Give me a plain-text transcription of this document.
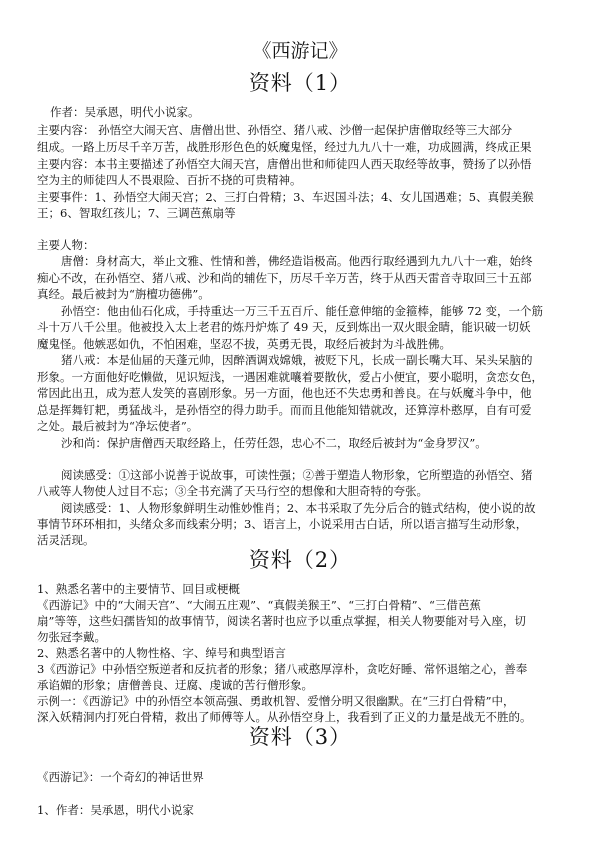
《西游记》
资料（1）
作者：吴承恩，明代小说家。
主要内容： 孙悟空大闹天宫、唐僧出世、孙悟空、猪八戒、沙僧一起保护唐僧取经等三大部分
组成。一路上历尽千辛万苦，战胜形形色色的妖魔鬼怪，经过九九八十一难，功成圆满，终成正果
主要内容：本书主要描述了孙悟空大闹天宫，唐僧出世和师徒四人西天取经等故事，赞扬了以孙悟
空为主的师徒四人不畏艰险、百折不挠的可贵精神。
主要事件：1、孙悟空大闹天宫；2、三打白骨精；3、车迟国斗法；4、女儿国遇难；5、真假美猴
王；6、智取红孩儿；7、三调芭蕉扇等
主要人物：
唐僧：身材高大，举止文雅、性情和善，佛经造诣极高。他西行取经遇到九九八十一难，始终
痴心不改，在孙悟空、猪八戒、沙和尚的辅佐下，历尽千辛万苦，终于从西天雷音寺取回三十五部
真经。最后被封为“旃檀功德佛”。
孙悟空：他由仙石化成，手持重达一万三千五百斤、能任意伸缩的金箍棒，能够 72 变，一个筋
斗十万八千公里。他被投入太上老君的炼丹炉炼了 49 天，反到炼出一双火眼金睛，能识破一切妖
魔鬼怪。他嫉恶如仇，不怕困难，坚忍不拔，英勇无畏，取经后被封为斗战胜佛。
猪八戒：本是仙届的天蓬元帅，因醉酒调戏嫦娥，被贬下凡，长成一副长嘴大耳、呆头呆脑的
形象。一方面他好吃懒做，见识短浅，一遇困难就嚷着要散伙，爱占小便宜，要小聪明，贪恋女色，
常因此出丑，成为惹人发笑的喜剧形象。另一方面，他也还不失忠勇和善良。在与妖魔斗争中，他
总是挥舞钉耙，勇猛战斗，是孙悟空的得力助手。而而且他能知错就改，还算淳朴憨厚，自有可爱
之处。最后被封为“净坛使者”。
沙和尚：保护唐僧西天取经路上，任劳任怨，忠心不二，取经后被封为“金身罗汉”。
阅读感受：①这部小说善于说故事，可读性强；②善于塑造人物形象，它所塑造的孙悟空、猪
八戒等人物使人过目不忘；③全书充满了天马行空的想像和大胆奇特的夸张。
阅读感受：1、人物形象鲜明生动惟妙惟肖；2、本书采取了先分后合的链式结构，使小说的故
事情节环环相扣，头绪众多而线索分明；3、语言上，小说采用古白话，所以语言描写生动形象，
活灵活现。
资料（2）
1、熟悉名著中的主要情节、回目或梗概
《西游记》中的“大闹天宫”、“大闹五庄观”、“真假美猴王”、“三打白骨精”、“三借芭蕉
扇”等等，这些妇孺皆知的故事情节，阅读名著时也应予以重点掌握，相关人物要能对号入座，切
勿张冠李戴。
2、熟悉名著中的人物性格、字、绰号和典型语言
3《西游记》中孙悟空叛逆者和反抗者的形象；猪八戒憨厚淳朴，贪吃好睡、常怀退缩之心，善奉
承谄媚的形象；唐僧善良、迂腐、虔诚的苦行僧形象。
示例一：《西游记》中的孙悟空本领高强、勇敢机智、爱憎分明又很幽默。在“三打白骨精”中，
深入妖精洞内打死白骨精，救出了师傅等人。从孙悟空身上，我看到了正义的力量是战无不胜的。
资料（3）
《西游记》：一个奇幻的神话世界
1、作者：吴承恩，明代小说家
